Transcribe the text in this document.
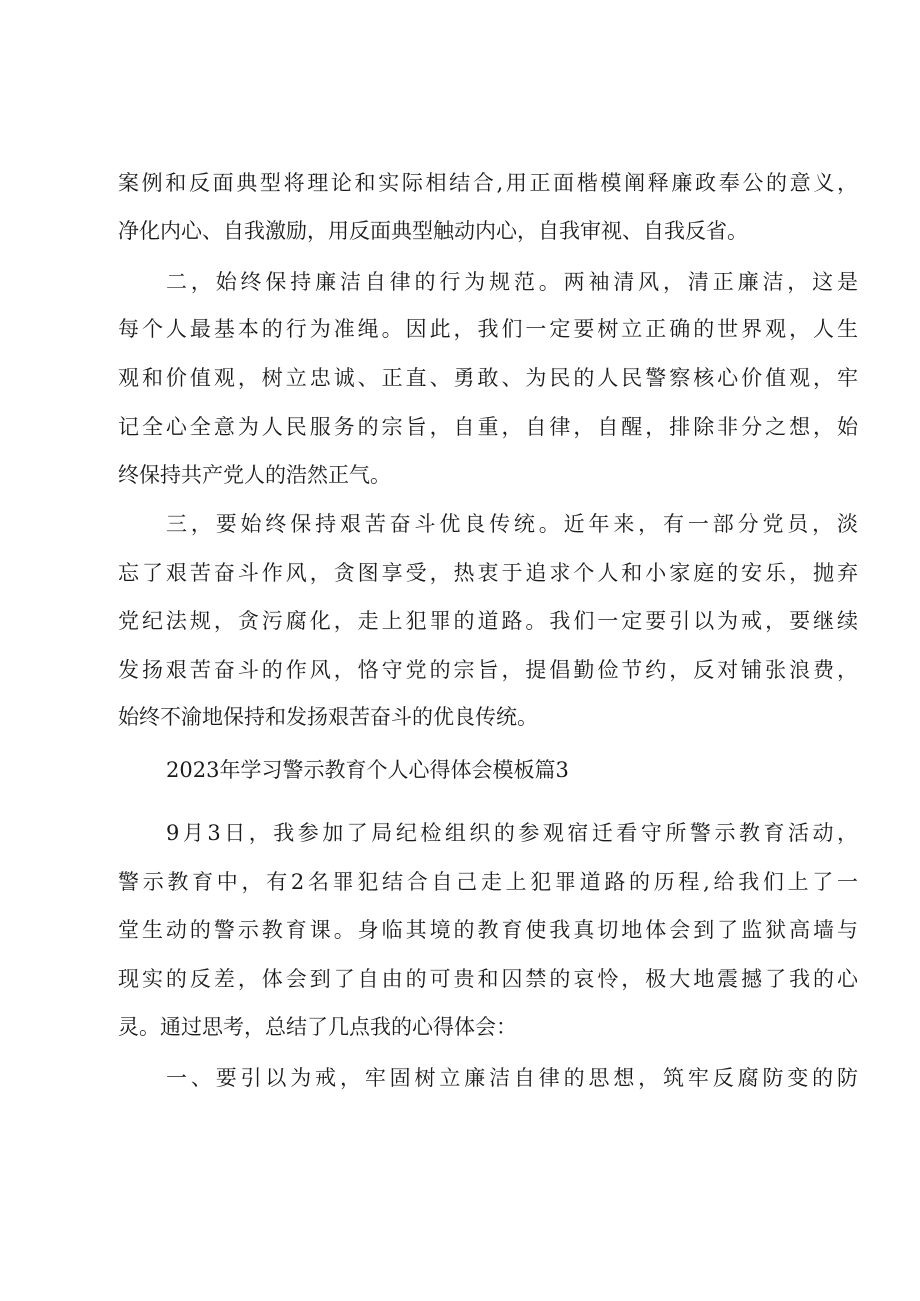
案例和反面典型将理论和实际相结合,用正面楷模阐释廉政奉公的意义，
净化内心、自我激励，用反面典型触动内心，自我审视、自我反省。
二，始终保持廉洁自律的行为规范。两袖清风，清正廉洁，这是
每个人最基本的行为准绳。因此，我们一定要树立正确的世界观，人生
观和价值观，树立忠诚、正直、勇敢、为民的人民警察核心价值观，牢
记全心全意为人民服务的宗旨，自重，自律，自醒，排除非分之想，始
终保持共产党人的浩然正气。
三，要始终保持艰苦奋斗优良传统。近年来，有一部分党员，淡
忘了艰苦奋斗作风，贪图享受，热衷于追求个人和小家庭的安乐，抛弃
党纪法规，贪污腐化，走上犯罪的道路。我们一定要引以为戒，要继续
发扬艰苦奋斗的作风，恪守党的宗旨，提倡勤俭节约，反对铺张浪费，
始终不渝地保持和发扬艰苦奋斗的优良传统。
2023年学习警示教育个人心得体会模板篇3
9月3日，我参加了局纪检组织的参观宿迁看守所警示教育活动，
警示教育中，有2名罪犯结合自己走上犯罪道路的历程,给我们上了一
堂生动的警示教育课。身临其境的教育使我真切地体会到了监狱高墙与
现实的反差，体会到了自由的可贵和囚禁的哀怜，极大地震撼了我的心
灵。通过思考，总结了几点我的心得体会：
一、要引以为戒，牢固树立廉洁自律的思想，筑牢反腐防变的防
